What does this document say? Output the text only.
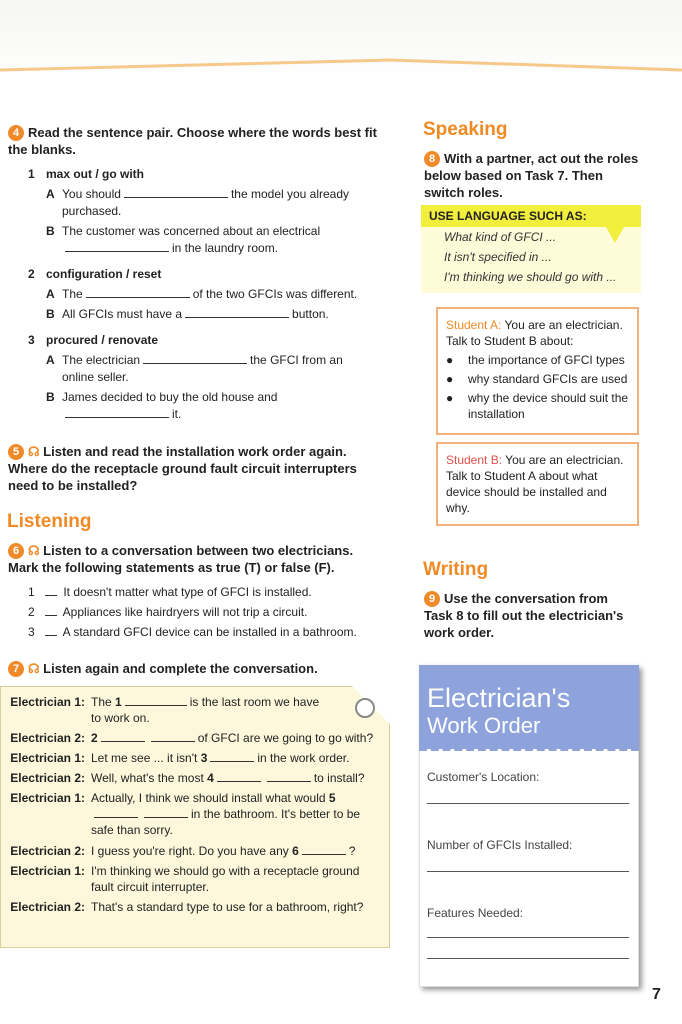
4 Read the sentence pair. Choose where the words best fit the blanks.
1 max out / go with
A You should	the model you already purchased.
B The customer was concerned about an electrical
in the laundry room.
2 configuration / reset
A The	of the two GFCIs was different.
B All GFCIs must have a	button.
3 procured / renovate
A The electrician	the GFCI from an online seller.
B James decided to buy the old house and
it.
5 ☊ Listen and read the installation work order again. Where do the receptacle ground fault circuit interrupters need to be installed?
Listening
6 ☊ Listen to a conversation between two electricians. Mark the following statements as true (T) or false (F).
1 It doesn't matter what type of GFCI is installed.
2 Appliances like hairdryers will not trip a circuit.
3 A standard GFCI device can be installed in a bathroom.
7 ☊ Listen again and complete the conversation.
Electrician 1: The 1	is the last room we have to work on.
Electrician 2: 2	of GFCI are we going to go with?
Electrician 1: Let me see ... it isn't 3	in the work order.
Electrician 2: Well, what's the most 4	to install?
Electrician 1: Actually, I think we should install what would 5in the bathroom. It's better to be safe than sorry.
Electrician 2: I guess you're right. Do you have any 6	?
Electrician 1: I'm thinking we should go with a receptacle ground fault circuit interrupter.
Electrician 2: That's a standard type to use for a bathroom, right?
Speaking
8 With a partner, act out the roles below based on Task 7. Then switch roles.
USE LANGUAGE SUCH AS:
What kind of GFCI ...
It isn't specified in ...
I'm thinking we should go with ...
Student A: You are an electrician. Talk to Student B about:
●	the importance of GFCI types
●	why standard GFCIs are used
●	why the device should suit the installation
Student B: You are an electrician. Talk to Student A about what device should be installed and why.
Writing
9 Use the conversation from Task 8 to fill out the electrician's work order.
Electrician's
Work Order
Customer's Location:
Number of GFCIs Installed:
Features Needed:
7
